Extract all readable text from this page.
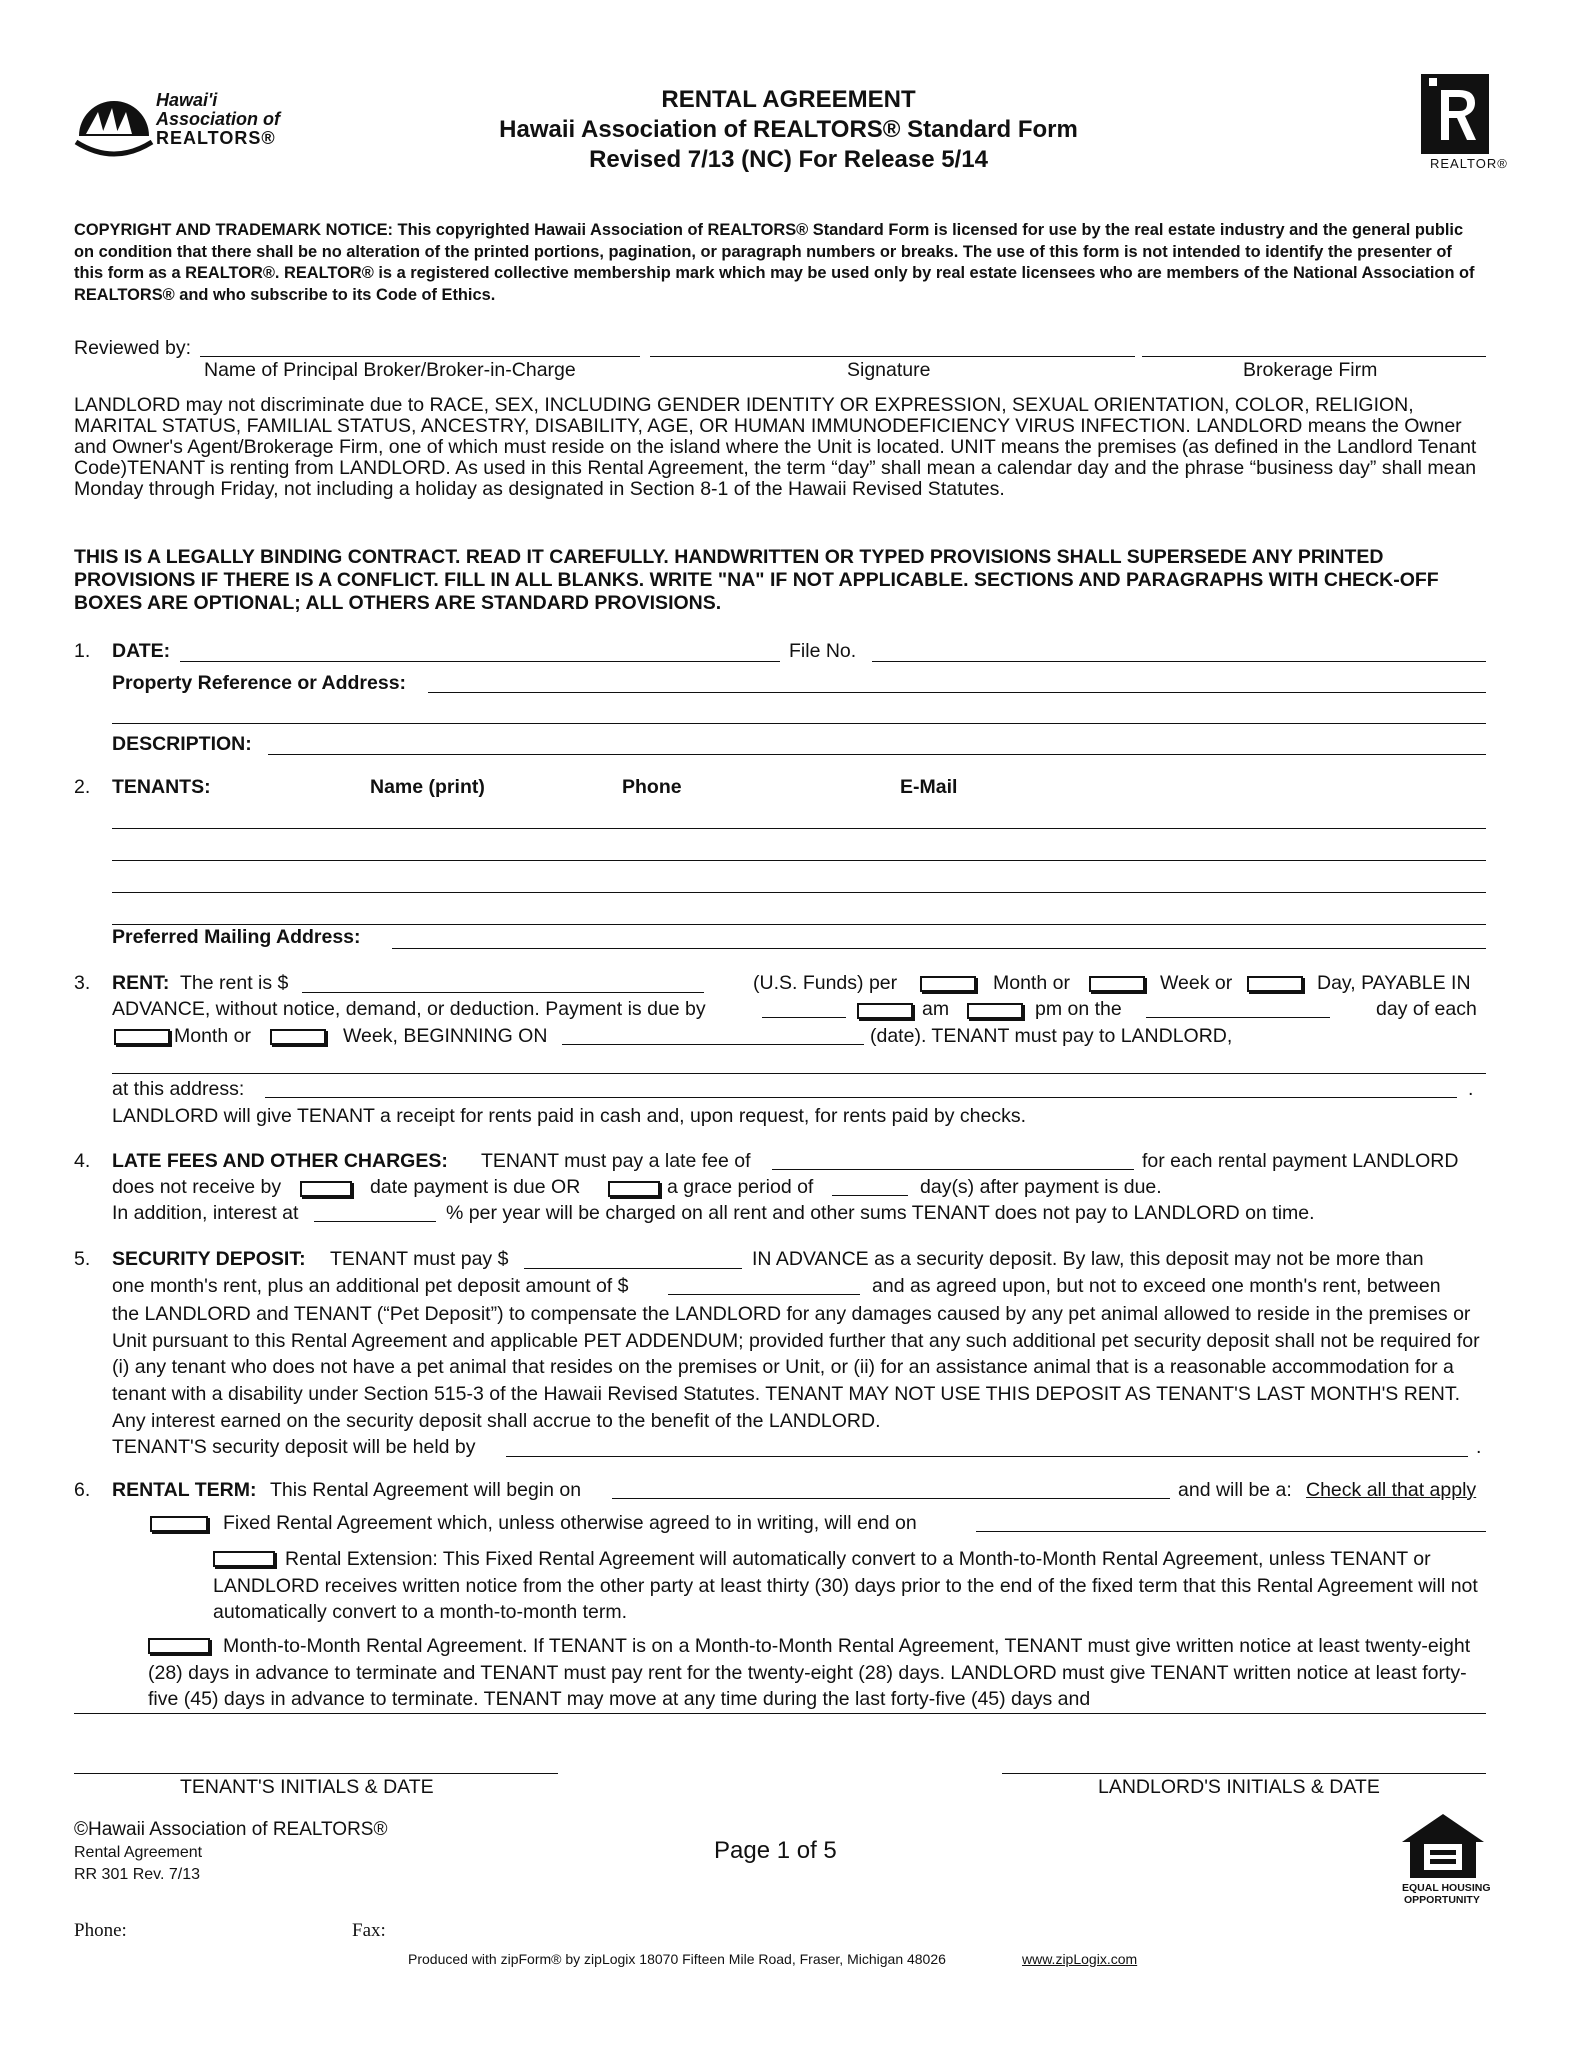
Hawai'i
Association of
REALTORS®
RENTAL AGREEMENT
Hawaii Association of REALTORS® Standard Form
Revised 7/13 (NC) For Release 5/14	REALTOR®
COPYRIGHT AND TRADEMARK NOTICE: This copyrighted Hawaii Association of REALTORS® Standard Form is licensed for use by the real estate industry and the general public on condition that there shall be no alteration of the printed portions, pagination, or paragraph numbers or breaks. The use of this form is not intended to identify the presenter of this form as a REALTOR®. REALTOR® is a registered collective membership mark which may be used only by real estate licensees who are members of the National Association of REALTORS® and who subscribe to its Code of Ethics.
Reviewed by:
Name of Principal Broker/Broker-in-Charge	Signature	Brokerage Firm
LANDLORD may not discriminate due to RACE, SEX, INCLUDING GENDER IDENTITY OR EXPRESSION, SEXUAL ORIENTATION, COLOR, RELIGION, MARITAL STATUS, FAMILIAL STATUS, ANCESTRY, DISABILITY, AGE, OR HUMAN IMMUNODEFICIENCY VIRUS INFECTION. LANDLORD means the Owner and Owner's Agent/Brokerage Firm, one of which must reside on the island where the Unit is located. UNIT means the premises (as defined in the Landlord Tenant Code)TENANT is renting from LANDLORD. As used in this Rental Agreement, the term “day” shall mean a calendar day and the phrase “business day” shall mean Monday through Friday, not including a holiday as designated in Section 8-1 of the Hawaii Revised Statutes.
THIS IS A LEGALLY BINDING CONTRACT. READ IT CAREFULLY. HANDWRITTEN OR TYPED PROVISIONS SHALL SUPERSEDE ANY PRINTED PROVISIONS IF THERE IS A CONFLICT. FILL IN ALL BLANKS. WRITE "NA" IF NOT APPLICABLE. SECTIONS AND PARAGRAPHS WITH CHECK-OFF BOXES ARE OPTIONAL; ALL OTHERS ARE STANDARD PROVISIONS.
1. DATE:	File No.
Property Reference or Address:
DESCRIPTION:
2. TENANTS:	Name (print)	Phone	E-Mail
Preferred Mailing Address:
3. RENT: The rent is $	(U.S. Funds) per	Month or	Week or	Day, PAYABLE IN
ADVANCE, without notice, demand, or deduction. Payment is due by	am	pm on the	day of each
Month or	Week, BEGINNING ON	(date). TENANT must pay to LANDLORD,
at this address:	.
LANDLORD will give TENANT a receipt for rents paid in cash and, upon request, for rents paid by checks.
4. LATE FEES AND OTHER CHARGES: TENANT must pay a late fee of	for each rental payment LANDLORD
does not receive by	date payment is due OR	a grace period of	day(s) after payment is due.
In addition, interest at	% per year will be charged on all rent and other sums TENANT does not pay to LANDLORD on time.
5. SECURITY DEPOSIT: TENANT must pay $	IN ADVANCE as a security deposit. By law, this deposit may not be more than
one month's rent, plus an additional pet deposit amount of $	and as agreed upon, but not to exceed one month's rent, between
the LANDLORD and TENANT (“Pet Deposit”) to compensate the LANDLORD for any damages caused by any pet animal allowed to reside in the premises or Unit pursuant to this Rental Agreement and applicable PET ADDENDUM; provided further that any such additional pet security deposit shall not be required for (i) any tenant who does not have a pet animal that resides on the premises or Unit, or (ii) for an assistance animal that is a reasonable accommodation for a tenant with a disability under Section 515-3 of the Hawaii Revised Statutes. TENANT MAY NOT USE THIS DEPOSIT AS TENANT'S LAST MONTH'S RENT. Any interest earned on the security deposit shall accrue to the benefit of the LANDLORD.
TENANT'S security deposit will be held by	.
6. RENTAL TERM: This Rental Agreement will begin on	and will be a: Check all that apply
Fixed Rental Agreement which, unless otherwise agreed to in writing, will end on
Rental Extension: This Fixed Rental Agreement will automatically convert to a Month-to-Month Rental Agreement, unless TENANT or LANDLORD receives written notice from the other party at least thirty (30) days prior to the end of the fixed term that this Rental Agreement will not automatically convert to a month-to-month term.
Month-to-Month Rental Agreement. If TENANT is on a Month-to-Month Rental Agreement, TENANT must give written notice at least twenty-eight (28) days in advance to terminate and TENANT must pay rent for the twenty-eight (28) days. LANDLORD must give TENANT written notice at least forty-five (45) days in advance to terminate. TENANT may move at any time during the last forty-five (45) days and
TENANT'S INITIALS & DATE	LANDLORD'S INITIALS & DATE
©Hawaii Association of REALTORS®
Rental Agreement
RR 301 Rev. 7/13
Page 1 of 5
EQUAL HOUSING
OPPORTUNITY
Phone:	Fax:
Produced with zipForm® by zipLogix 18070 Fifteen Mile Road, Fraser, Michigan 48026	www.zipLogix.com
